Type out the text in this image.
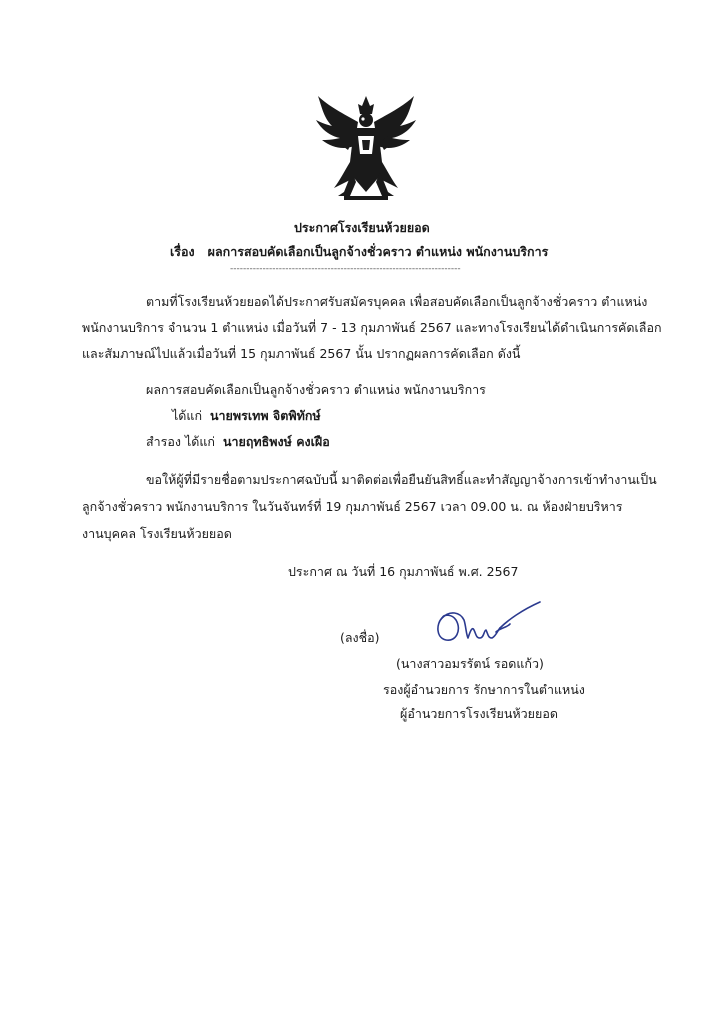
ประกาศโรงเรียนห้วยยอด
เรื่อง ผลการสอบคัดเลือกเป็นลูกจ้างชั่วคราว ตำแหน่ง พนักงานบริการ
-----------------------------------------------------------------------
ตามที่โรงเรียนห้วยยอดได้ประกาศรับสมัครบุคคล เพื่อสอบคัดเลือกเป็นลูกจ้างชั่วคราว ตำแหน่ง
พนักงานบริการ จำนวน 1 ตำแหน่ง เมื่อวันที่ 7 - 13 กุมภาพันธ์ 2567 และทางโรงเรียนได้ดำเนินการคัดเลือก
และสัมภาษณ์ไปแล้วเมื่อวันที่ 15 กุมภาพันธ์ 2567 นั้น ปรากฏผลการคัดเลือก ดังนี้
ผลการสอบคัดเลือกเป็นลูกจ้างชั่วคราว ตำแหน่ง พนักงานบริการ
ได้แก่ นายพรเทพ จิตพิทักษ์
สำรอง ได้แก่ นายฤทธิพงษ์ คงเฝือ
ขอให้ผู้ที่มีรายชื่อตามประกาศฉบับนี้ มาติดต่อเพื่อยืนยันสิทธิ์และทำสัญญาจ้างการเข้าทำงานเป็น
ลูกจ้างชั่วคราว พนักงานบริการ ในวันจันทร์ที่ 19 กุมภาพันธ์ 2567 เวลา 09.00 น. ณ ห้องฝ่ายบริหาร
งานบุคคล โรงเรียนห้วยยอด
ประกาศ ณ วันที่ 16 กุมภาพันธ์ พ.ศ. 2567
(ลงชื่อ)
(นางสาวอมรรัตน์ รอดแก้ว)
รองผู้อำนวยการ รักษาการในตำแหน่ง
ผู้อำนวยการโรงเรียนห้วยยอด
